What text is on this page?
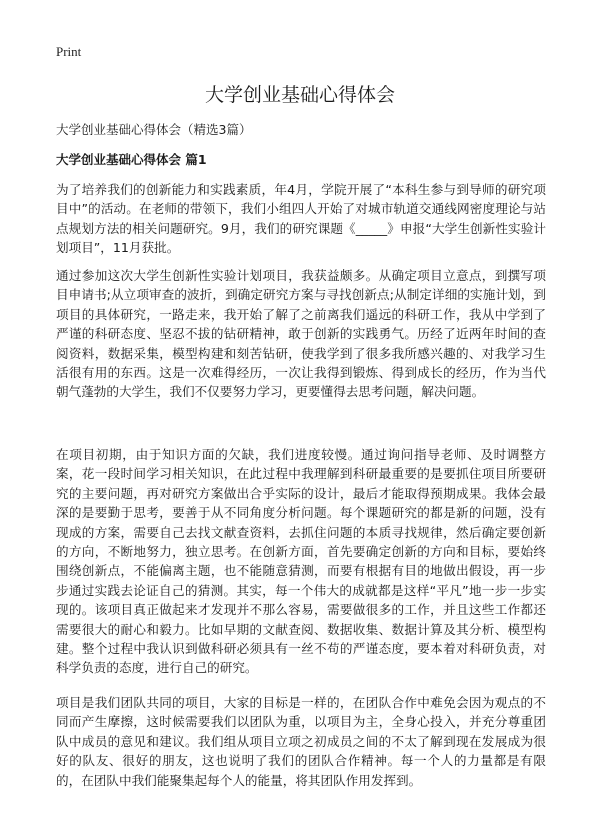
Print
大学创业基础心得体会

大学创业基础心得体会（精选3篇）

大学创业基础心得体会 篇1

为了培养我们的创新能力和实践素质，年4月，学院开展了“本科生参与到导师的研究项目中”的活动。在老师的带领下，我们小组四人开始了对城市轨道交通线网密度理论与站点规划方法的相关问题研究。9月，我们的研究课题《_____》申报“大学生创新性实验计划项目”，11月获批。

通过参加这次大学生创新性实验计划项目，我获益颇多。从确定项目立意点，到撰写项目申请书;从立项审查的波折，到确定研究方案与寻找创新点;从制定详细的实施计划，到项目的具体研究，一路走来，我开始了解了之前离我们遥远的科研工作，我从中学到了严谨的科研态度、坚忍不拔的钻研精神，敢于创新的实践勇气。历经了近两年时间的查阅资料，数据采集，模型构建和刻苦钻研，使我学到了很多我所感兴趣的、对我学习生活很有用的东西。这是一次难得经历，一次让我得到锻炼、得到成长的经历，作为当代朝气蓬勃的大学生，我们不仅要努力学习，更要懂得去思考问题，解决问题。

在项目初期，由于知识方面的欠缺，我们进度较慢。通过询问指导老师、及时调整方案，花一段时间学习相关知识，在此过程中我理解到科研最重要的是要抓住项目所要研究的主要问题，再对研究方案做出合乎实际的设计，最后才能取得预期成果。我体会最深的是要勤于思考，要善于从不同角度分析问题。每个课题研究的都是新的问题，没有现成的方案，需要自己去找文献查资料，去抓住问题的本质寻找规律，然后确定要创新的方向，不断地努力，独立思考。在创新方面，首先要确定创新的方向和目标，要始终围绕创新点，不能偏离主题，也不能随意猜测，而要有根据有目的地做出假设，再一步步通过实践去论证自己的猜测。其实，每一个伟大的成就都是这样“平凡”地一步一步实现的。该项目真正做起来才发现并不那么容易，需要做很多的工作，并且这些工作都还需要很大的耐心和毅力。比如早期的文献查阅、数据收集、数据计算及其分析、模型构建。整个过程中我认识到做科研必须具有一丝不苟的严谨态度，要本着对科研负责，对科学负责的态度，进行自己的研究。

项目是我们团队共同的项目，大家的目标是一样的，在团队合作中难免会因为观点的不同而产生摩擦，这时候需要我们以团队为重，以项目为主，全身心投入，并充分尊重团队中成员的意见和建议。我们组从项目立项之初成员之间的不太了解到现在发展成为很好的队友、很好的朋友，这也说明了我们的团队合作精神。每一个人的力量都是有限的，在团队中我们能聚集起每个人的能量，将其团队作用发挥到。
